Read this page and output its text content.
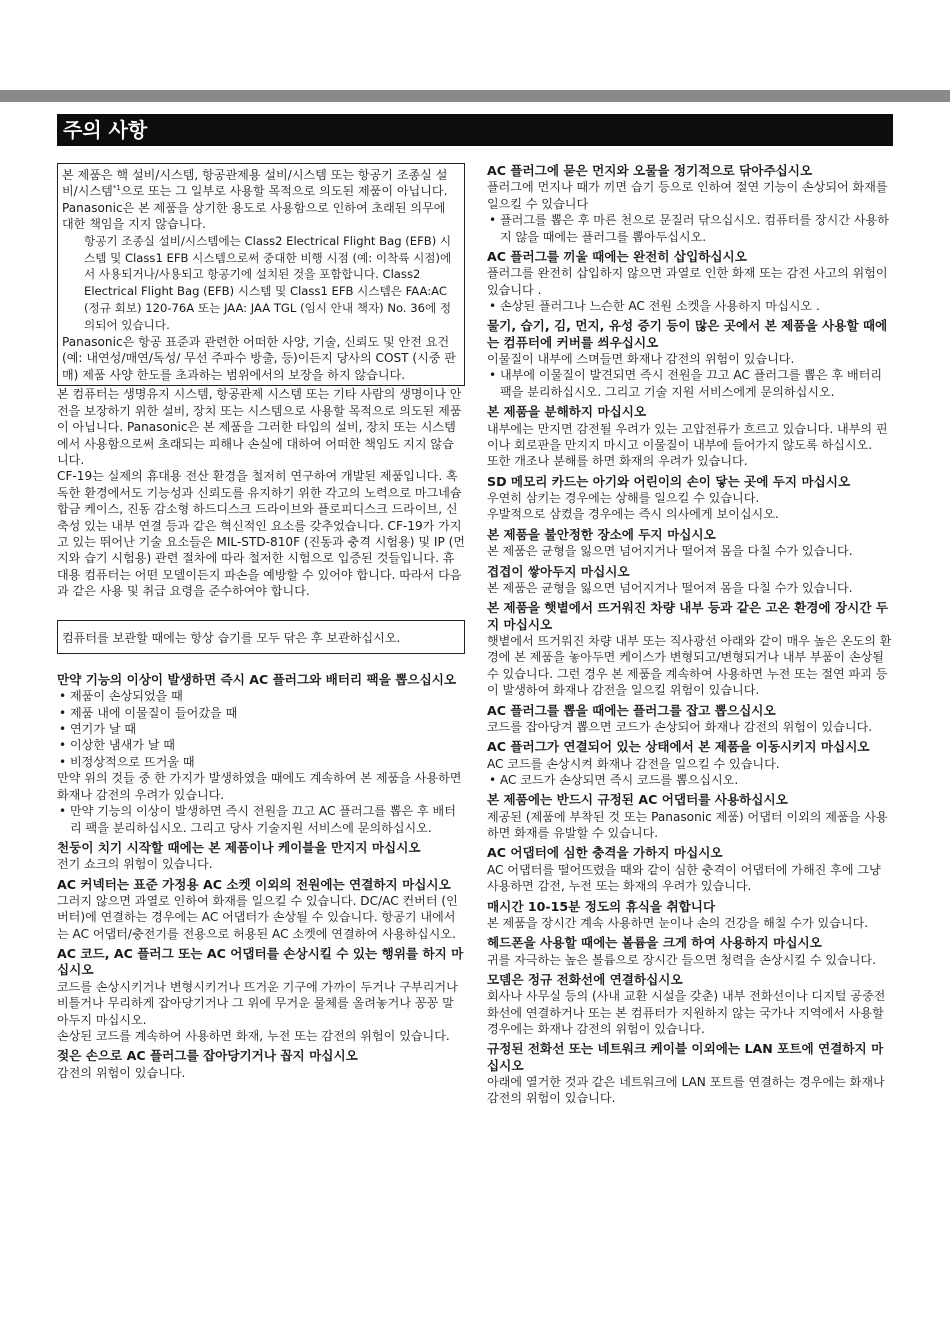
주의 사항

본 제품은 핵 설비/시스템, 항공관제용 설비/시스템 또는 항공기 조종실 설비/시스템$^{*1}$으로 또는 그 일부로 사용할 목적으로 의도된 제품이 아닙니다. Panasonic은 본 제품을 상기한 용도로 사용함으로 인하여 초래된 의무에 대한 책임을 지지 않습니다.

항공기 조종실 설비/시스템에는 Class2 Electrical Flight Bag (EFB) 시스템 및 Class1 EFB 시스템으로써 중대한 비행 시점 (예: 이착륙 시점)에서 사용되거나/사용되고 항공기에 설치된 것을 포함합니다. Class2 Electrical Flight Bag (EFB) 시스템 및 Class1 EFB 시스템은 FAA:AC (정규 회보) 120-76A 또는 JAA: JAA TGL (임시 안내 책자) No. 36에 정의되어 있습니다.

Panasonic은 항공 표준과 관련한 어떠한 사양, 기술, 신뢰도 및 안전 요건 (예: 내연성/매연/독성/ 무선 주파수 방출, 등)이든지 당사의 COST (시중 판매) 제품 사양 한도를 초과하는 범위에서의 보장을 하지 않습니다.

본 컴퓨터는 생명유지 시스템, 항공관제 시스템 또는 기타 사람의 생명이나 안전을 보장하기 위한 설비, 장치 또는 시스템으로 사용할 목적으로 의도된 제품이 아닙니다. Panasonic은 본 제품을 그러한 타입의 설비, 장치 또는 시스템에서 사용함으로써 초래되는 피해나 손실에 대하여 어떠한 책임도 지지 않습니다.

CF-19는 실제의 휴대용 전산 환경을 철저히 연구하여 개발된 제품입니다. 혹독한 환경에서도 기능성과 신뢰도를 유지하기 위한 각고의 노력으로 마그네슘 합금 케이스, 진동 감소형 하드디스크 드라이브와 플로피디스크 드라이브, 신축성 있는 내부 연결 등과 같은 혁신적인 요소를 갖추었습니다. CF-19가 가지고 있는 뛰어난 기술 요소들은 MIL-STD-810F (진동과 충격 시험용) 및 IP (먼지와 습기 시험용) 관련 절차에 따라 철저한 시험으로 입증된 것들입니다. 휴대용 컴퓨터는 어떤 모델이든지 파손을 예방할 수 있어야 합니다. 따라서 다음과 같은 사용 및 취급 요령을 준수하여야 합니다.

컴퓨터를 보관할 때에는 항상 습기를 모두 닦은 후 보관하십시오.

만약 기능의 이상이 발생하면 즉시 AC 플러그와 배터리 팩을 뽑으십시오
• 제품이 손상되었을 때
• 제품 내에 이물질이 들어갔을 때
• 연기가 날 때
• 이상한 냄새가 날 때
• 비정상적으로 뜨거울 때

만약 위의 것들 중 한 가지가 발생하였을 때에도 계속하여 본 제품을 사용하면 화재나 감전의 우려가 있습니다.

• 만약 기능의 이상이 발생하면 즉시 전원을 끄고 AC 플러그를 뽑은 후 배터리 팩을 분리하십시오. 그리고 당사 기술지원 서비스에 문의하십시오.
천둥이 치기 시작할 때에는 본 제품이나 케이블을 만지지 마십시오

전기 쇼크의 위험이 있습니다.

AC 커넥터는 표준 가정용 AC 소켓 이외의 전원에는 연결하지 마십시오

그러지 않으면 과열로 인하여 화재를 일으킬 수 있습니다. DC/AC 컨버터 (인버터)에 연결하는 경우에는 AC 어댑터가 손상될 수 있습니다. 항공기 내에서는 AC 어댑터/충전기를 전용으로 허용된 AC 소켓에 연결하여 사용하십시오.

AC 코드, AC 플러그 또는 AC 어댑터를 손상시킬 수 있는 행위를 하지 마십시오

코드를 손상시키거나 변형시키거나 뜨거운 기구에 가까이 두거나 구부리거나 비틀거나 무리하게 잡아당기거나 그 위에 무거운 물체를 올려놓거나 꽁꽁 말아두지 마십시오.

손상된 코드를 계속하여 사용하면 화재, 누전 또는 감전의 위험이 있습니다.

젖은 손으로 AC 플러그를 잡아당기거나 꼽지 마십시오

감전의 위험이 있습니다.

AC 플러그에 묻은 먼지와 오물을 정기적으로 닦아주십시오

플러그에 먼지나 때가 끼면 습기 등으로 인하여 절연 기능이 손상되어 화재를 일으킬 수 있습니다

• 플러그를 뽑은 후 마른 천으로 문질러 닦으십시오. 컴퓨터를 장시간 사용하지 않을 때에는 플러그를 뽑아두십시오.
AC 플러그를 끼울 때에는 완전히 삽입하십시오

플러그를 완전히 삽입하지 않으면 과열로 인한 화재 또는 감전 사고의 위험이 있습니다 .

• 손상된 플러그나 느슨한 AC 전원 소켓을 사용하지 마십시오 .
물기, 습기, 김, 먼지, 유성 증기 등이 많은 곳에서 본 제품을 사용할 때에는 컴퓨터에 커버를 씌우십시오

이물질이 내부에 스며들면 화재나 감전의 위험이 있습니다.

• 내부에 이물질이 발견되면 즉시 전원을 끄고 AC 플러그를 뽑은 후 배터리 팩을 분리하십시오. 그리고 기술 지원 서비스에게 문의하십시오.
본 제품을 분해하지 마십시오

내부에는 만지면 감전될 우려가 있는 고압전류가 흐르고 있습니다. 내부의 핀이나 회로판을 만지지 마시고 이물질이 내부에 들어가지 않도록 하십시오.

또한 개조나 분해를 하면 화재의 우려가 있습니다.

SD 메모리 카드는 아기와 어린이의 손이 닿는 곳에 두지 마십시오

우연히 삼키는 경우에는 상해를 일으킬 수 있습니다.

우발적으로 삼켰을 경우에는 즉시 의사에게 보이십시오.

본 제품을 불안정한 장소에 두지 마십시오

본 제품은 균형을 잃으면 넘어지거나 떨어져 몸을 다칠 수가 있습니다.

겹겹이 쌓아두지 마십시오

본 제품은 균형을 잃으면 넘어지거나 떨어져 몸을 다칠 수가 있습니다.

본 제품을 햇볕에서 뜨거워진 차량 내부 등과 같은 고온 환경에 장시간 두지 마십시오

햇볕에서 뜨거워진 차량 내부 또는 직사광선 아래와 같이 매우 높은 온도의 환경에 본 제품을 놓아두면 케이스가 변형되고/변형되거나 내부 부품이 손상될 수 있습니다. 그런 경우 본 제품을 계속하여 사용하면 누전 또는 절연 파괴 등이 발생하여 화재나 감전을 일으킬 위험이 있습니다.

AC 플러그를 뽑을 때에는 플러그를 잡고 뽑으십시오

코드를 잡아당겨 뽑으면 코드가 손상되어 화재나 감전의 위험이 있습니다.

AC 플러그가 연결되어 있는 상태에서 본 제품을 이동시키지 마십시오

AC 코드를 손상시켜 화재나 감전을 일으킬 수 있습니다.

• AC 코드가 손상되면 즉시 코드를 뽑으십시오.
본 제품에는 반드시 규정된 AC 어댑터를 사용하십시오

제공된 (제품에 부착된 것 또는 Panasonic 제품) 어댑터 이외의 제품을 사용하면 화재를 유발할 수 있습니다.

AC 어댑터에 심한 충격을 가하지 마십시오

AC 어댑터를 떨어뜨렸을 때와 같이 심한 충격이 어댑터에 가해진 후에 그냥 사용하면 감전, 누전 또는 화재의 우려가 있습니다.

매시간 10-15분 정도의 휴식을 취합니다

본 제품을 장시간 계속 사용하면 눈이나 손의 건강을 해칠 수가 있습니다.

헤드폰을 사용할 때에는 볼륨을 크게 하여 사용하지 마십시오

귀를 자극하는 높은 볼륨으로 장시간 들으면 청력을 손상시킬 수 있습니다.

모뎀은 정규 전화선에 연결하십시오

회사나 사무실 등의 (사내 교환 시설을 갖춘) 내부 전화선이나 디지털 공중전화선에 연결하거나 또는 본 컴퓨터가 지원하지 않는 국가나 지역에서 사용할 경우에는 화재나 감전의 위험이 있습니다.

규정된 전화선 또는 네트워크 케이블 이외에는 LAN 포트에 연결하지 마십시오

아래에 열거한 것과 같은 네트워크에 LAN 포트를 연결하는 경우에는 화재나 감전의 위험이 있습니다.
